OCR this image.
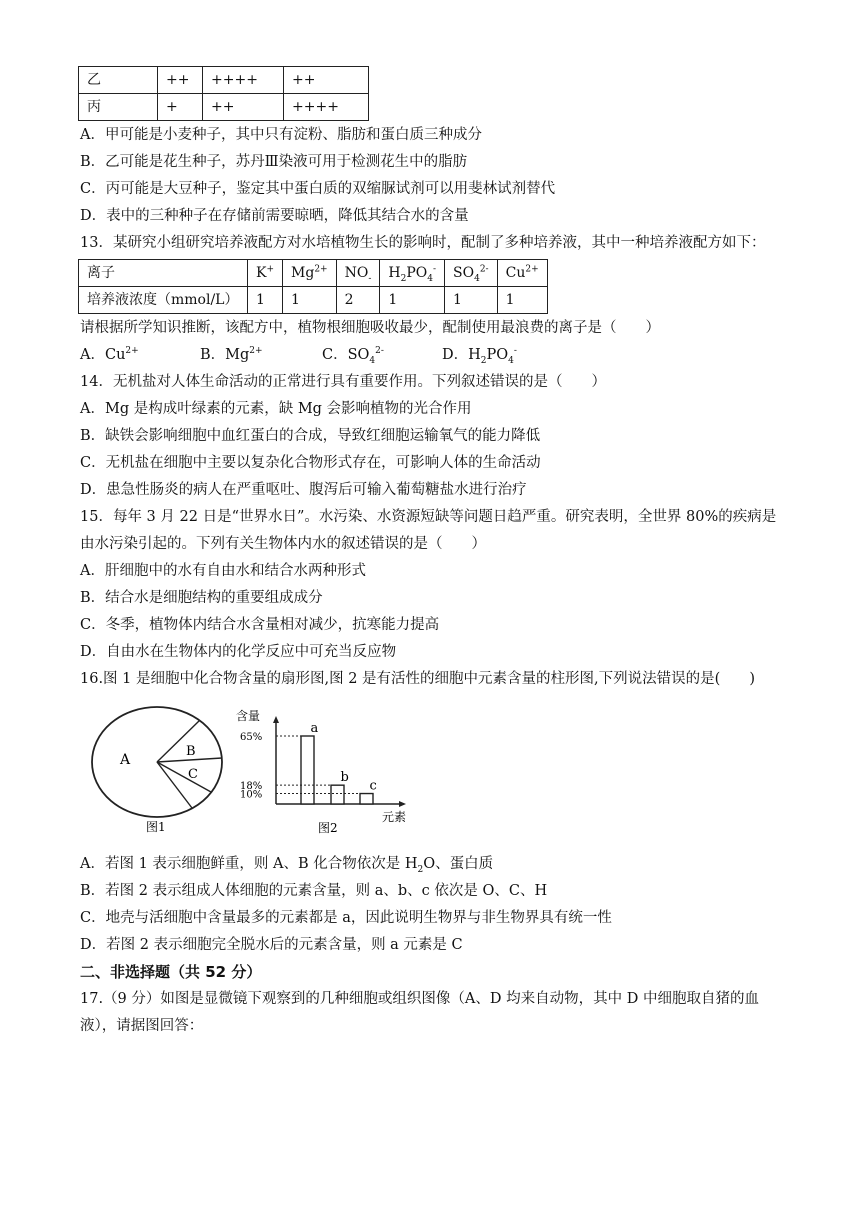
乙	++	++++	++
丙	+	++	++++
A．甲可能是小麦种子，其中只有淀粉、脂肪和蛋白质三种成分
B．乙可能是花生种子，苏丹Ⅲ染液可用于检测花生中的脂肪
C．丙可能是大豆种子，鉴定其中蛋白质的双缩脲试剂可以用斐林试剂替代
D．表中的三种种子在存储前需要晾晒，降低其结合水的含量
13．某研究小组研究培养液配方对水培植物生长的影响时，配制了多种培养液，其中一种培养液配方如下：
离子	K+	$Mg^{2+}$	$NO_-$	$H_2PO_4^-$	$SO_4^{2-}$	$Cu^{2+}$
培养液浓度（mmol/L）	1	1	2	1	1	1
请根据所学知识推断，该配方中，植物根细胞吸收最少，配制使用最浪费的离子是（　　）
A．$Cu^{2+}$	B．$Mg^{2+}$	C．$SO_4^{2-}$	D．$H_2PO_4^-$
14．无机盐对人体生命活动的正常进行具有重要作用。下列叙述错误的是（　　）
A．Mg 是构成叶绿素的元素，缺 Mg 会影响植物的光合作用
B．缺铁会影响细胞中血红蛋白的合成，导致红细胞运输氧气的能力降低
C．无机盐在细胞中主要以复杂化合物形式存在，可影响人体的生命活动
D．患急性肠炎的病人在严重呕吐、腹泻后可输入葡萄糖盐水进行治疗
15．每年 3 月 22 日是“世界水日”。水污染、水资源短缺等问题日趋严重。研究表明，全世界 80%的疾病是
由水污染引起的。下列有关生物体内水的叙述错误的是（　　）
A．肝细胞中的水有自由水和结合水两种形式
B．结合水是细胞结构的重要组成成分
C．冬季，植物体内结合水含量相对减少，抗寒能力提高
D．自由水在生物体内的化学反应中可充当反应物
16.图 1 是细胞中化合物含量的扇形图,图 2 是有活性的细胞中元素含量的柱形图,下列说法错误的是(　　)
A
B
C
图1
含量
元素
65%
a
18%
b
10%
c
图2
A．若图 1 表示细胞鲜重，则 A、B 化合物依次是 $H_2O$、蛋白质
B．若图 2 表示组成人体细胞的元素含量，则 a、b、c 依次是 O、C、H
C．地壳与活细胞中含量最多的元素都是 a，因此说明生物界与非生物界具有统一性
D．若图 2 表示细胞完全脱水后的元素含量，则 a 元素是 C
二、非选择题（共 52 分）
17.（9 分）如图是显微镜下观察到的几种细胞或组织图像（A、D 均来自动物，其中 D 中细胞取自猪的血
液），请据图回答：
